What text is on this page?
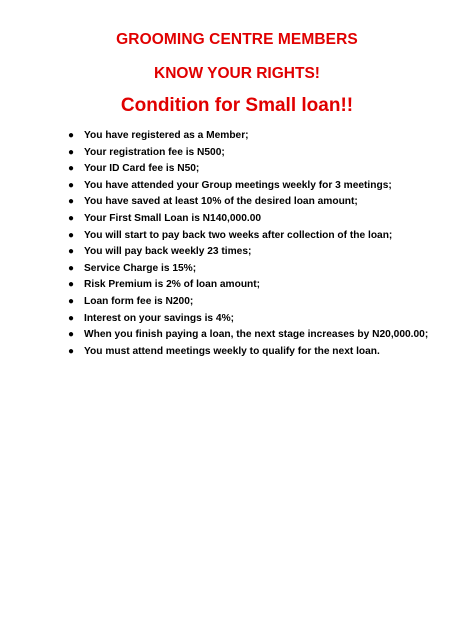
GROOMING CENTRE MEMBERS
KNOW YOUR RIGHTS!
Condition for Small loan!!
● You have registered as a Member;
● Your registration fee is N500;
● Your ID Card fee is N50;
● You have attended your Group meetings weekly for 3 meetings;
● You have saved at least 10% of the desired loan amount;
● Your First Small Loan is N140,000.00
● You will start to pay back two weeks after collection of the loan;
● You will pay back weekly 23 times;
● Service Charge is 15%;
● Risk Premium is 2% of loan amount;
● Loan form fee is N200;
● Interest on your savings is 4%;
● When you finish paying a loan, the next stage increases by N20,000.00;
● You must attend meetings weekly to qualify for the next loan.
